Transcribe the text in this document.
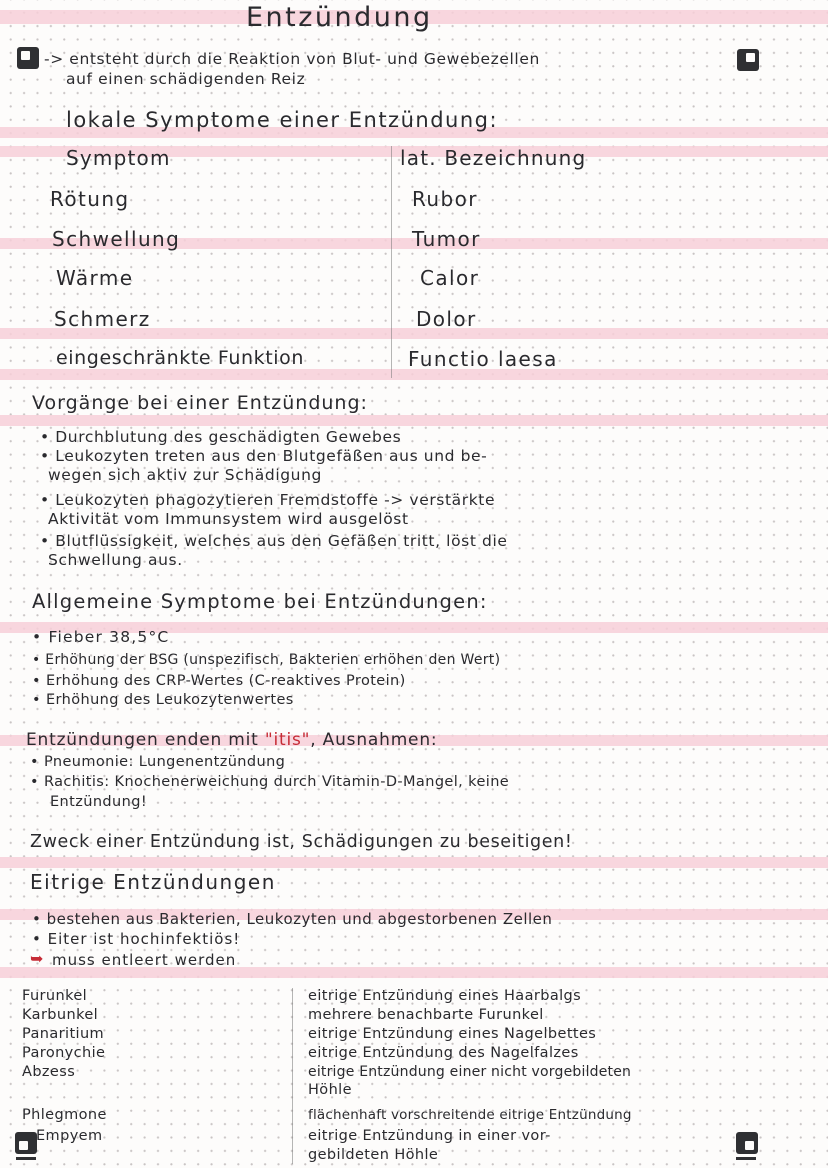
Entzündung
-> entsteht durch die Reaktion von Blut- und Gewebezellen
auf einen schädigenden Reiz
lokale Symptome einer Entzündung:
Symptom	lat. Bezeichnung
Rötung	Rubor
Schwellung	Tumor
Wärme	Calor
Schmerz	Dolor
eingeschränkte Funktion	Functio laesa
Vorgänge bei einer Entzündung:
• Durchblutung des geschädigten Gewebes
• Leukozyten treten aus den Blutgefäßen aus und be-
wegen sich aktiv zur Schädigung
• Leukozyten phagozytieren Fremdstoffe -> verstärkte
Aktivität vom Immunsystem wird ausgelöst
• Blutflüssigkeit, welches aus den Gefäßen tritt, löst die
Schwellung aus.
Allgemeine Symptome bei Entzündungen:
• Fieber 38,5°C
• Erhöhung der BSG (unspezifisch, Bakterien erhöhen den Wert)
• Erhöhung des CRP-Wertes (C-reaktives Protein)
• Erhöhung des Leukozytenwertes
Entzündungen enden mit "itis", Ausnahmen:
• Pneumonie: Lungenentzündung
• Rachitis: Knochenerweichung durch Vitamin-D-Mangel, keine
Entzündung!
Zweck einer Entzündung ist, Schädigungen zu beseitigen!
Eitrige Entzündungen
• bestehen aus Bakterien, Leukozyten und abgestorbenen Zellen
• Eiter ist hochinfektiös!
➥ muss entleert werden
Furunkel	eitrige Entzündung eines Haarbalgs
Karbunkel	mehrere benachbarte Furunkel
Panaritium	eitrige Entzündung eines Nagelbettes
Paronychie	eitrige Entzündung des Nagelfalzes
Abzess	eitrige Entzündung einer nicht vorgebildeten
Höhle
Phlegmone	flächenhaft vorschreitende eitrige Entzündung
Empyem	eitrige Entzündung in einer vor-
gebildeten Höhle
